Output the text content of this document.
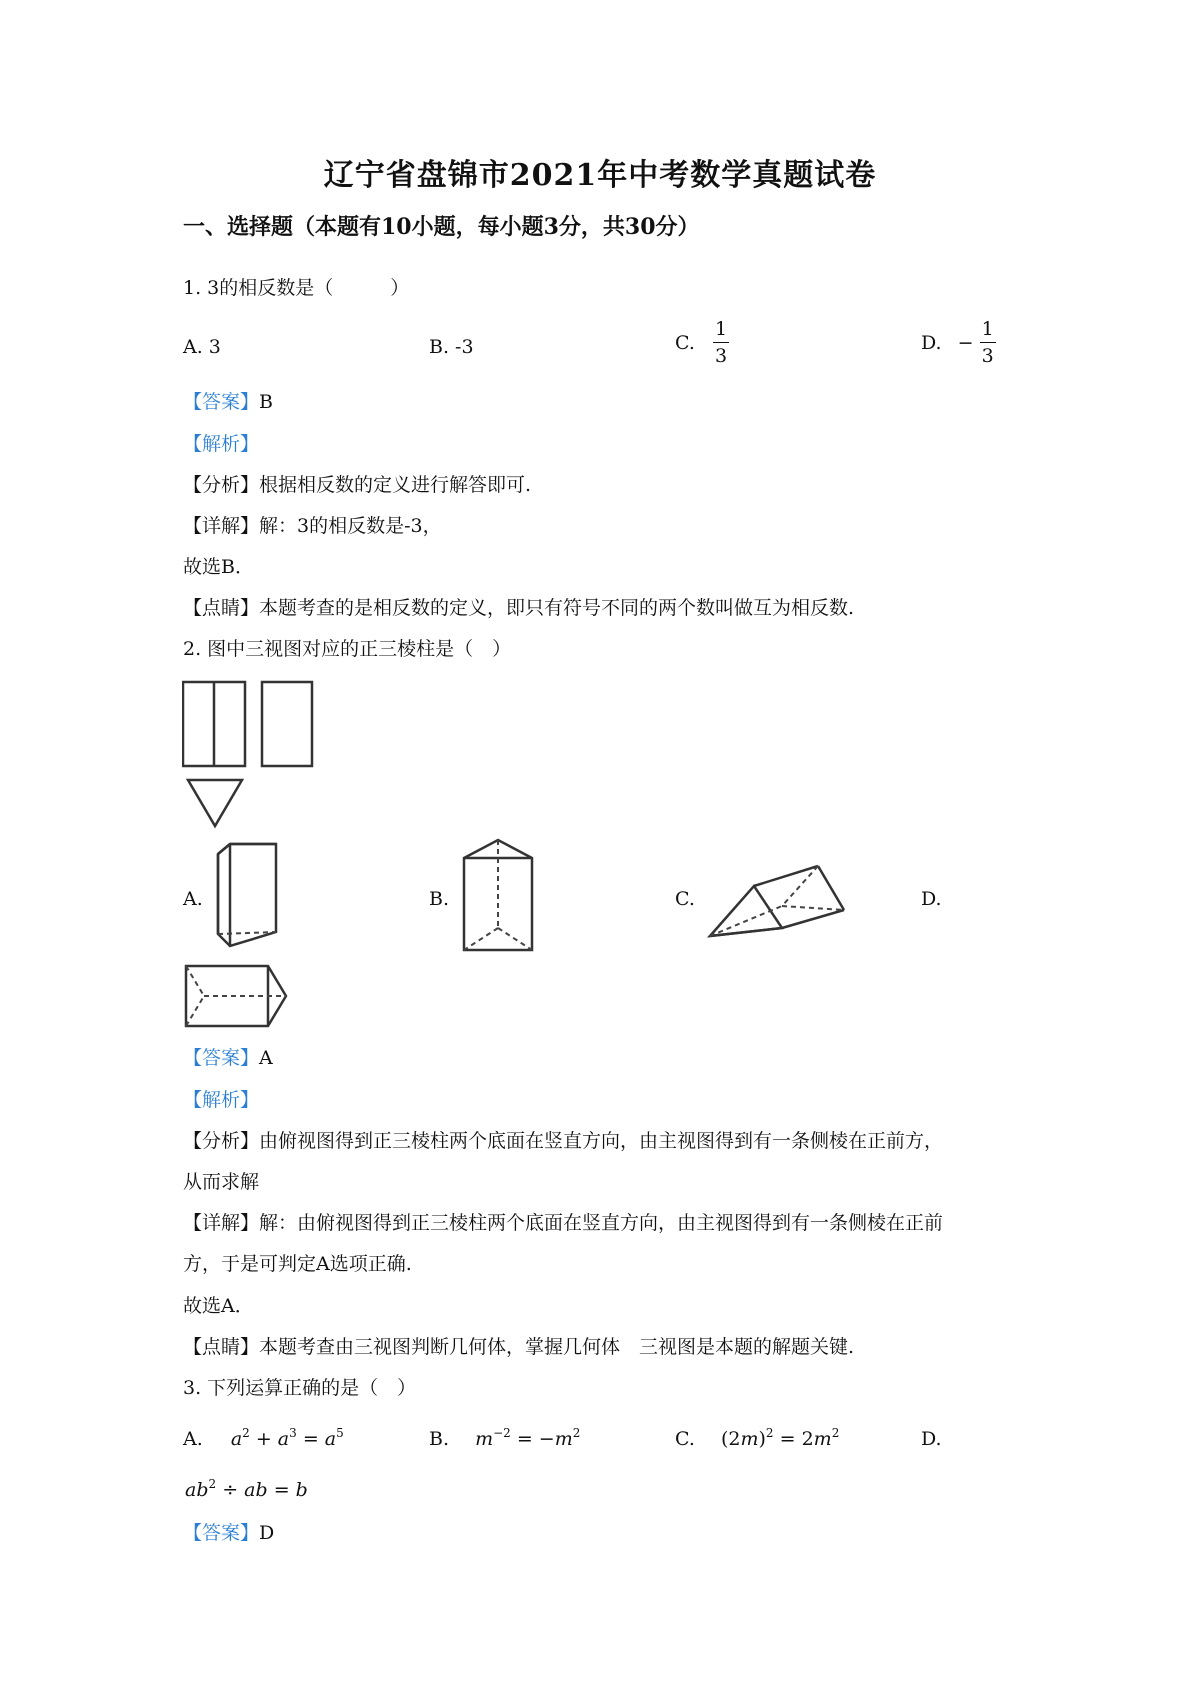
辽宁省盘锦市2021年中考数学真题试卷
一、选择题（本题有10小题，每小题3分，共30分）
1. 3的相反数是（　　　）
A. 3	B. -3	C. $\frac{1}{3}$	D. − $\frac{1}{3}$
【答案】B
【解析】
【分析】根据相反数的定义进行解答即可.
【详解】解：3的相反数是-3，
故选B．
【点睛】本题考查的是相反数的定义，即只有符号不同的两个数叫做互为相反数.
2. 图中三视图对应的正三棱柱是（　）
A.	B.	C.	D.
【答案】A
【解析】
【分析】由俯视图得到正三棱柱两个底面在竖直方向，由主视图得到有一条侧棱在正前方，
从而求解
【详解】解：由俯视图得到正三棱柱两个底面在竖直方向，由主视图得到有一条侧棱在正前
方，于是可判定A选项正确.
故选A．
【点睛】本题考查由三视图判断几何体，掌握几何体　三视图是本题的解题关键.
3. 下列运算正确的是（　）
A. $a^2 + a^3 = a^5$	B. $m^{-2} = -m^2$	C. $(2m)^2 = 2m^2$	D.
$ab^2$ ÷ ab = b
【答案】D
